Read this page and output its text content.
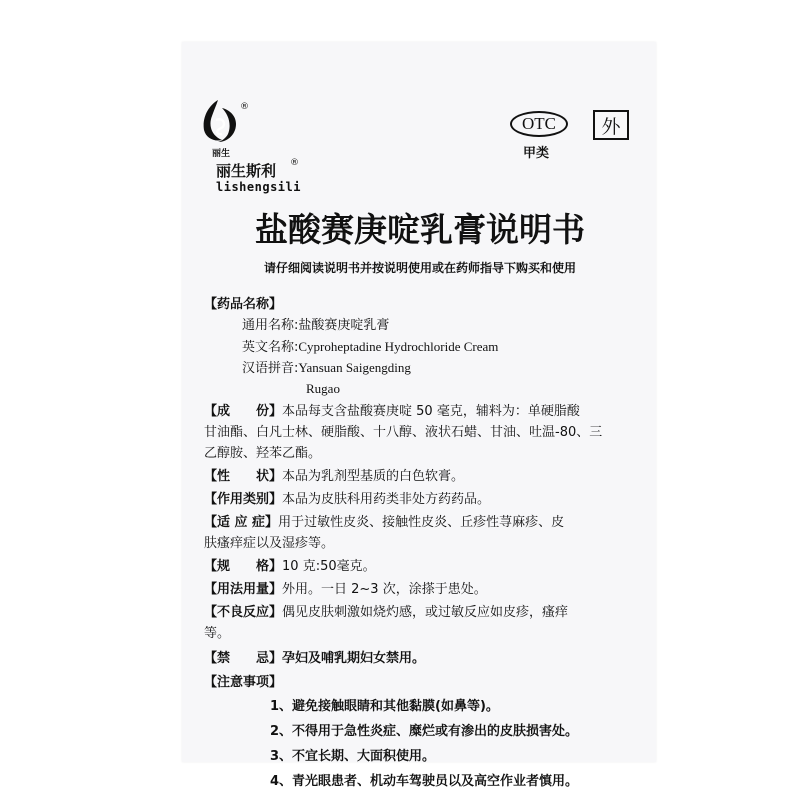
®
丽生
丽生斯利 ®
lishengsili
OTC
甲类
外
盐酸赛庚啶乳膏说明书
请仔细阅读说明书并按说明使用或在药师指导下购买和使用
【药品名称】
通用名称:盐酸赛庚啶乳膏
英文名称:Cyproheptadine Hydrochloride Cream
汉语拼音:Yansuan Saigengding
Rugao
【成　　份】本品每支含盐酸赛庚啶 50 毫克，辅料为：单硬脂酸
甘油酯、白凡士林、硬脂酸、十八醇、液状石蜡、甘油、吐温-80、三
乙醇胺、羟苯乙酯。
【性　　状】本品为乳剂型基质的白色软膏。
【作用类别】本品为皮肤科用药类非处方药药品。
【适 应 症】用于过敏性皮炎、接触性皮炎、丘疹性荨麻疹、皮
肤瘙痒症以及湿疹等。
【规　　格】10 克:50毫克。
【用法用量】外用。一日 2~3 次，涂搽于患处。
【不良反应】偶见皮肤刺激如烧灼感，或过敏反应如皮疹，瘙痒
等。
【禁　　忌】孕妇及哺乳期妇女禁用。
【注意事项】
1、避免接触眼睛和其他黏膜(如鼻等)。
2、不得用于急性炎症、糜烂或有渗出的皮肤损害处。
3、不宜长期、大面积使用。
4、青光眼患者、机动车驾驶员以及高空作业者慎用。
